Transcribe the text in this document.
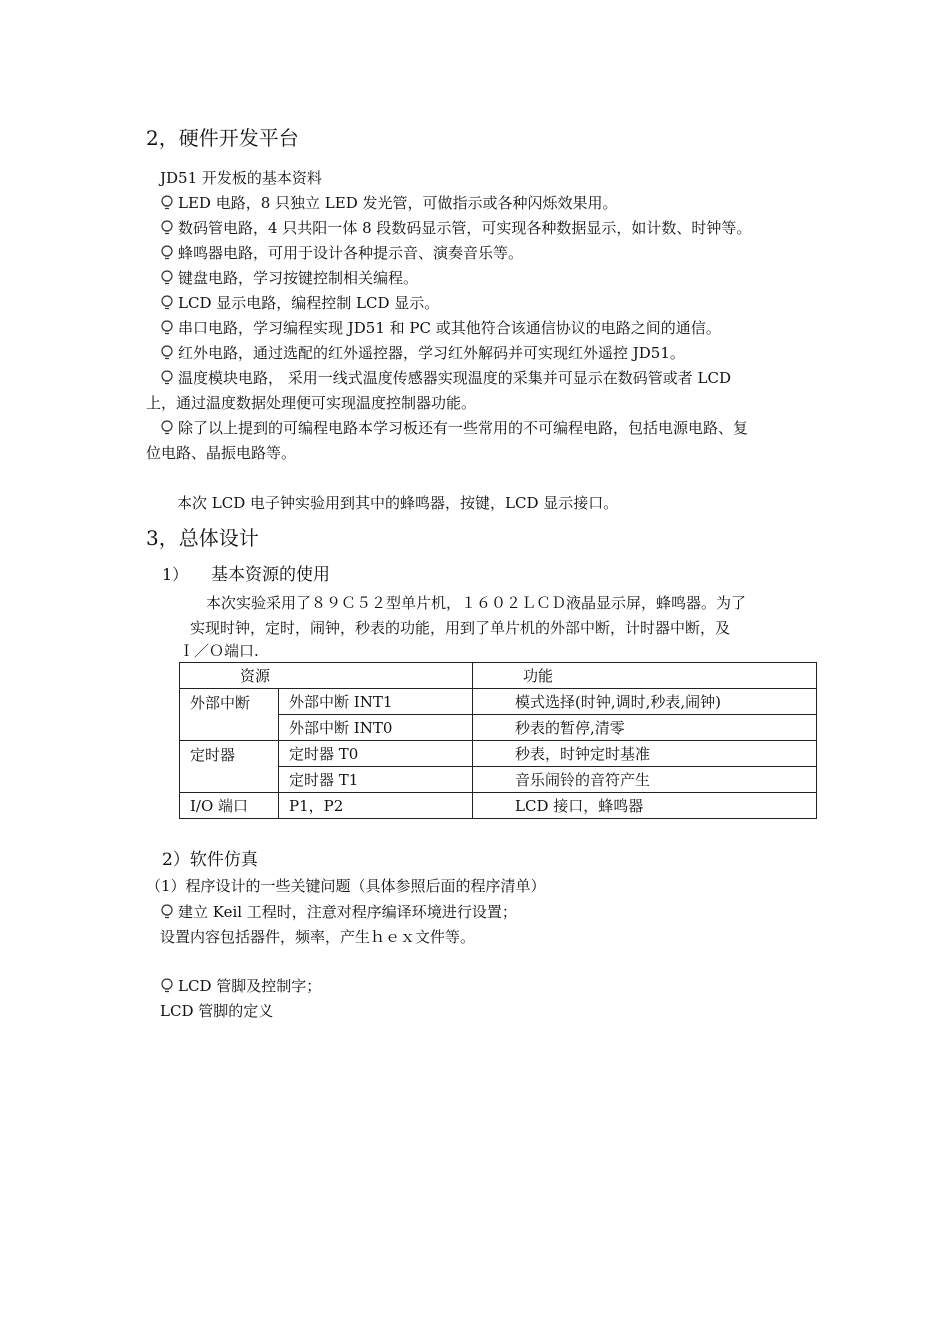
2，硬件开发平台
JD51 开发板的基本资料
LED 电路，8 只独立 LED 发光管，可做指示或各种闪烁效果用。
数码管电路，4 只共阳一体 8 段数码显示管，可实现各种数据显示，如计数、时钟等。
蜂鸣器电路，可用于设计各种提示音、演奏音乐等。
键盘电路，学习按键控制相关编程。
LCD 显示电路，编程控制 LCD 显示。
串口电路，学习编程实现 JD51 和 PC 或其他符合该通信协议的电路之间的通信。
红外电路，通过选配的红外遥控器，学习红外解码并可实现红外遥控 JD51。
温度模块电路， 采用一线式温度传感器实现温度的采集并可显示在数码管或者 LCD
上，通过温度数据处理便可实现温度控制器功能。
除了以上提到的可编程电路本学习板还有一些常用的不可编程电路，包括电源电路、复
位电路、晶振电路等。
本次 LCD 电子钟实验用到其中的蜂鸣器，按键，LCD 显示接口。
3，总体设计
1） 基本资源的使用
本次实验采用了８９Ｃ５２型单片机，１６０２ＬＣＤ液晶显示屏，蜂鸣器。为了
实现时钟，定时，闹钟，秒表的功能，用到了单片机的外部中断，计时器中断，及
Ｉ／Ｏ端口.
资源		功能
外部中断	外部中断 INT1	模式选择(时钟,调时,秒表,闹钟)
	外部中断 INT0	秒表的暂停,清零
定时器	定时器 T0	秒表，时钟定时基准
	定时器 T1	音乐闹铃的音符产生
I/O 端口	P1，P2	LCD 接口，蜂鸣器
2）软件仿真
（1）程序设计的一些关键问题（具体参照后面的程序清单）
建立 Keil 工程时，注意对程序编译环境进行设置；
设置内容包括器件，频率，产生ｈｅｘ文件等。
LCD 管脚及控制字；
LCD 管脚的定义
